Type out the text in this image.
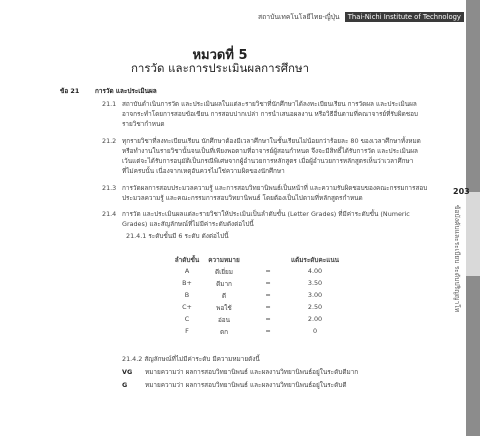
สถาบันเทคโนโลยีไทย-ญี่ปุ่น Thai-Nichi Institute of Technology
หมวดที่ 5
การวัด และการประเมินผลการศึกษา
ข้อ 21 การวัด และประเมินผล
21.1 สถาบันดำเนินการวัด และประเมินผลในแต่ละรายวิชาที่นักศึกษาได้ลงทะเบียนเรียน การวัดผล และประเมินผล
อาจกระทำโดยการสอบข้อเขียน การสอบปากเปล่า การนำเสนอผลงาน หรือวิธีอื่นตามที่คณาจารย์ที่รับผิดชอบ
รายวิชากำหนด
21.2 ทุกรายวิชาที่ลงทะเบียนเรียน นักศึกษาต้องมีเวลาศึกษาในชั้นเรียนไม่น้อยกว่าร้อยละ 80 ของเวลาศึกษาทั้งหมด
หรือทำงานในรายวิชานั้นจนเป็นที่เพียงพอตามที่อาจารย์ผู้สอนกำหนด จึงจะมีสิทธิ์ได้รับการวัด และประเมินผล
เว้นแต่จะได้รับการอนุมัติเป็นกรณีพิเศษจากผู้อำนวยการหลักสูตร เมื่อผู้อำนวยการหลักสูตรเห็นว่าเวลาศึกษา
ที่ไม่ครบนั้น เนื่องจากเหตุอันควรไม่ใช่ความผิดของนักศึกษา
21.3 การวัดผลการสอบประมวลความรู้ และการสอบวิทยานิพนธ์เป็นหน้าที่ และความรับผิดชอบของคณะกรรมการสอบ
ประมวลความรู้ และคณะกรรมการสอบวิทยานิพนธ์ โดยต้องเป็นไปตามที่หลักสูตรกำหนด
21.4 การวัด และประเมินผลแต่ละรายวิชาให้ประเมินเป็นลำดับขั้น (Letter Grades) ที่มีค่าระดับขั้น (Numeric
Grades) และสัญลักษณ์ที่ไม่มีค่าระดับดังต่อไปนี้
21.4.1 ระดับขั้นมี 6 ระดับ ดังต่อไปนี้
ลำดับขั้น	ความหมาย	แต้มระดับคะแนน
A	ดีเยี่ยม	=	4.00
B+	ดีมาก	=	3.50
B	ดี	=	3.00
C+	พอใช้	=	2.50
C	อ่อน	=	2.00
F	ตก	=	0
21.4.2 สัญลักษณ์ที่ไม่มีค่าระดับ มีความหมายดังนี้
VG หมายความว่า ผลการสอบวิทยานิพนธ์ และผลงานวิทยานิพนธ์อยู่ในระดับดีมาก
G	หมายความว่า ผลการสอบวิทยานิพนธ์ และผลงานวิทยานิพนธ์อยู่ในระดับดี
ข้อบังคับและระเบียบ ระดับปริญญาโท
203
